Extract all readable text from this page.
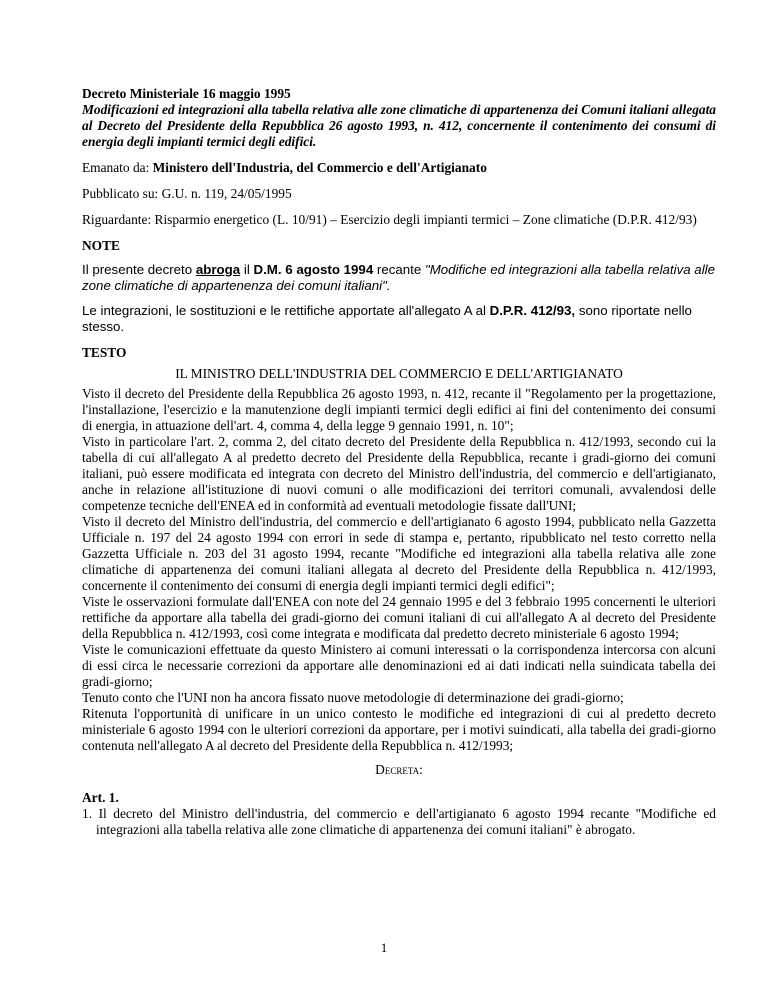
Decreto Ministeriale 16 maggio 1995

Modificazioni ed integrazioni alla tabella relativa alle zone climatiche di appartenenza dei Comuni italiani allegata al Decreto del Presidente della Repubblica 26 agosto 1993, n. 412, concernente il contenimento dei consumi di energia degli impianti termici degli edifici.

Emanato da: Ministero dell'Industria, del Commercio e dell'Artigianato

Pubblicato su: G.U. n. 119, 24/05/1995

Riguardante: Risparmio energetico (L. 10/91) – Esercizio degli impianti termici – Zone climatiche (D.P.R. 412/93)

NOTE

Il presente decreto abroga il D.M. 6 agosto 1994 recante "Modifiche ed integrazioni alla tabella relativa alle zone climatiche di appartenenza dei comuni italiani".

Le integrazioni, le sostituzioni e le rettifiche apportate all'allegato A al D.P.R. 412/93, sono riportate nello stesso.

TESTO

IL MINISTRO DELL'INDUSTRIA DEL COMMERCIO E DELL'ARTIGIANATO

Visto il decreto del Presidente della Repubblica 26 agosto 1993, n. 412, recante il "Regolamento per la progettazione, l'installazione, l'esercizio e la manutenzione degli impianti termici degli edifici ai fini del contenimento dei consumi di energia, in attuazione dell'art. 4, comma 4, della legge 9 gennaio 1991, n. 10";

Visto in particolare l'art. 2, comma 2, del citato decreto del Presidente della Repubblica n. 412/1993, secondo cui la tabella di cui all'allegato A al predetto decreto del Presidente della Repubblica, recante i gradi-giorno dei comuni italiani, può essere modificata ed integrata con decreto del Ministro dell'industria, del commercio e dell'artigianato, anche in relazione all'istituzione di nuovi comuni o alle modificazioni dei territori comunali, avvalendosi delle competenze tecniche dell'ENEA ed in conformità ad eventuali metodologie fissate dall'UNI;

Visto il decreto del Ministro dell'industria, del commercio e dell'artigianato 6 agosto 1994, pubblicato nella Gazzetta Ufficiale n. 197 del 24 agosto 1994 con errori in sede di stampa e, pertanto, ripubblicato nel testo corretto nella Gazzetta Ufficiale n. 203 del 31 agosto 1994, recante "Modifiche ed integrazioni alla tabella relativa alle zone climatiche di appartenenza dei comuni italiani allegata al decreto del Presidente della Repubblica n. 412/1993, concernente il contenimento dei consumi di energia degli impianti termici degli edifici";

Viste le osservazioni formulate dall'ENEA con note del 24 gennaio 1995 e del 3 febbraio 1995 concernenti le ulteriori rettifiche da apportare alla tabella dei gradi-giorno dei comuni italiani di cui all'allegato A al decreto del Presidente della Repubblica n. 412/1993, così come integrata e modificata dal predetto decreto ministeriale 6 agosto 1994;

Viste le comunicazioni effettuate da questo Ministero ai comuni interessati o la corrispondenza intercorsa con alcuni di essi circa le necessarie correzioni da apportare alle denominazioni ed ai dati indicati nella suindicata tabella dei gradi-giorno;

Tenuto conto che l'UNI non ha ancora fissato nuove metodologie di determinazione dei gradi-giorno;

Ritenuta l'opportunità di unificare in un unico contesto le modifiche ed integrazioni di cui al predetto decreto ministeriale 6 agosto 1994 con le ulteriori correzioni da apportare, per i motivi suindicati, alla tabella dei gradi-giorno contenuta nell'allegato A al decreto del Presidente della Repubblica n. 412/1993;

Decreta:

Art. 1.

1. Il decreto del Ministro dell'industria, del commercio e dell'artigianato 6 agosto 1994 recante "Modifiche ed integrazioni alla tabella relativa alle zone climatiche di appartenenza dei comuni italiani" è abrogato.

1
